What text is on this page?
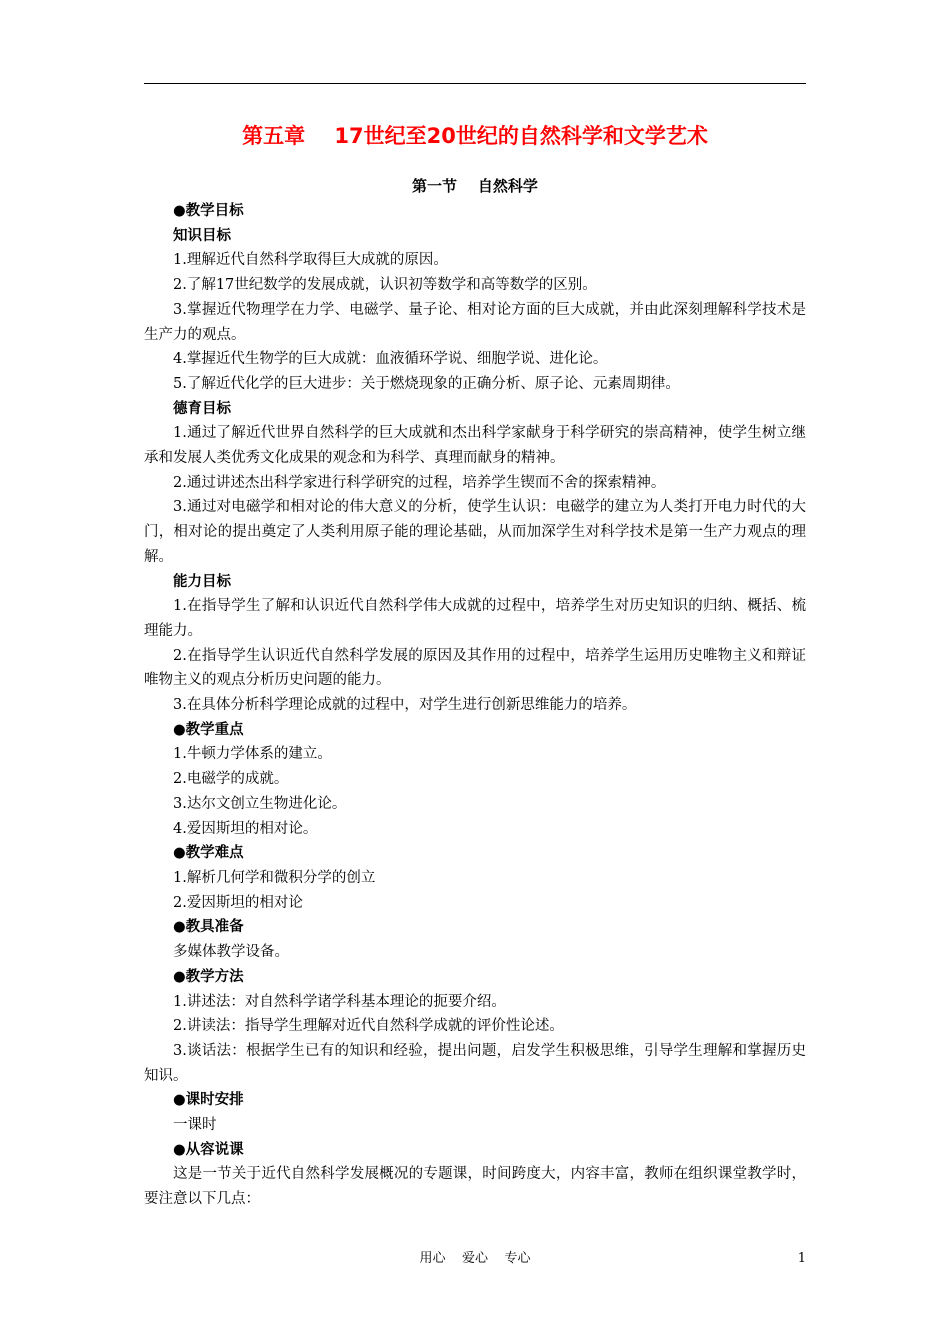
第五章    17世纪至20世纪的自然科学和文学艺术
第一节    自然科学

●教学目标

知识目标

1.理解近代自然科学取得巨大成就的原因。

2.了解17世纪数学的发展成就，认识初等数学和高等数学的区别。

3.掌握近代物理学在力学、电磁学、量子论、相对论方面的巨大成就，并由此深刻理解科学技术是生产力的观点。

4.掌握近代生物学的巨大成就：血液循环学说、细胞学说、进化论。

5.了解近代化学的巨大进步：关于燃烧现象的正确分析、原子论、元素周期律。

德育目标

1.通过了解近代世界自然科学的巨大成就和杰出科学家献身于科学研究的崇高精神，使学生树立继承和发展人类优秀文化成果的观念和为科学、真理而献身的精神。

2.通过讲述杰出科学家进行科学研究的过程，培养学生锲而不舍的探索精神。

3.通过对电磁学和相对论的伟大意义的分析，使学生认识：电磁学的建立为人类打开电力时代的大门，相对论的提出奠定了人类利用原子能的理论基础，从而加深学生对科学技术是第一生产力观点的理解。

能力目标

1.在指导学生了解和认识近代自然科学伟大成就的过程中，培养学生对历史知识的归纳、概括、梳理能力。

2.在指导学生认识近代自然科学发展的原因及其作用的过程中，培养学生运用历史唯物主义和辩证唯物主义的观点分析历史问题的能力。

3.在具体分析科学理论成就的过程中，对学生进行创新思维能力的培养。

●教学重点

1.牛顿力学体系的建立。

2.电磁学的成就。

3.达尔文创立生物进化论。

4.爱因斯坦的相对论。

●教学难点

1.解析几何学和微积分学的创立

2.爱因斯坦的相对论

●教具准备

多媒体教学设备。

●教学方法

1.讲述法：对自然科学诸学科基本理论的扼要介绍。

2.讲读法：指导学生理解对近代自然科学成就的评价性论述。

3.谈话法：根据学生已有的知识和经验，提出问题，启发学生积极思维，引导学生理解和掌握历史知识。

●课时安排

一课时

●从容说课

这是一节关于近代自然科学发展概况的专题课，时间跨度大，内容丰富，教师在组织课堂教学时，要注意以下几点：

用心    爱心    专心	1
